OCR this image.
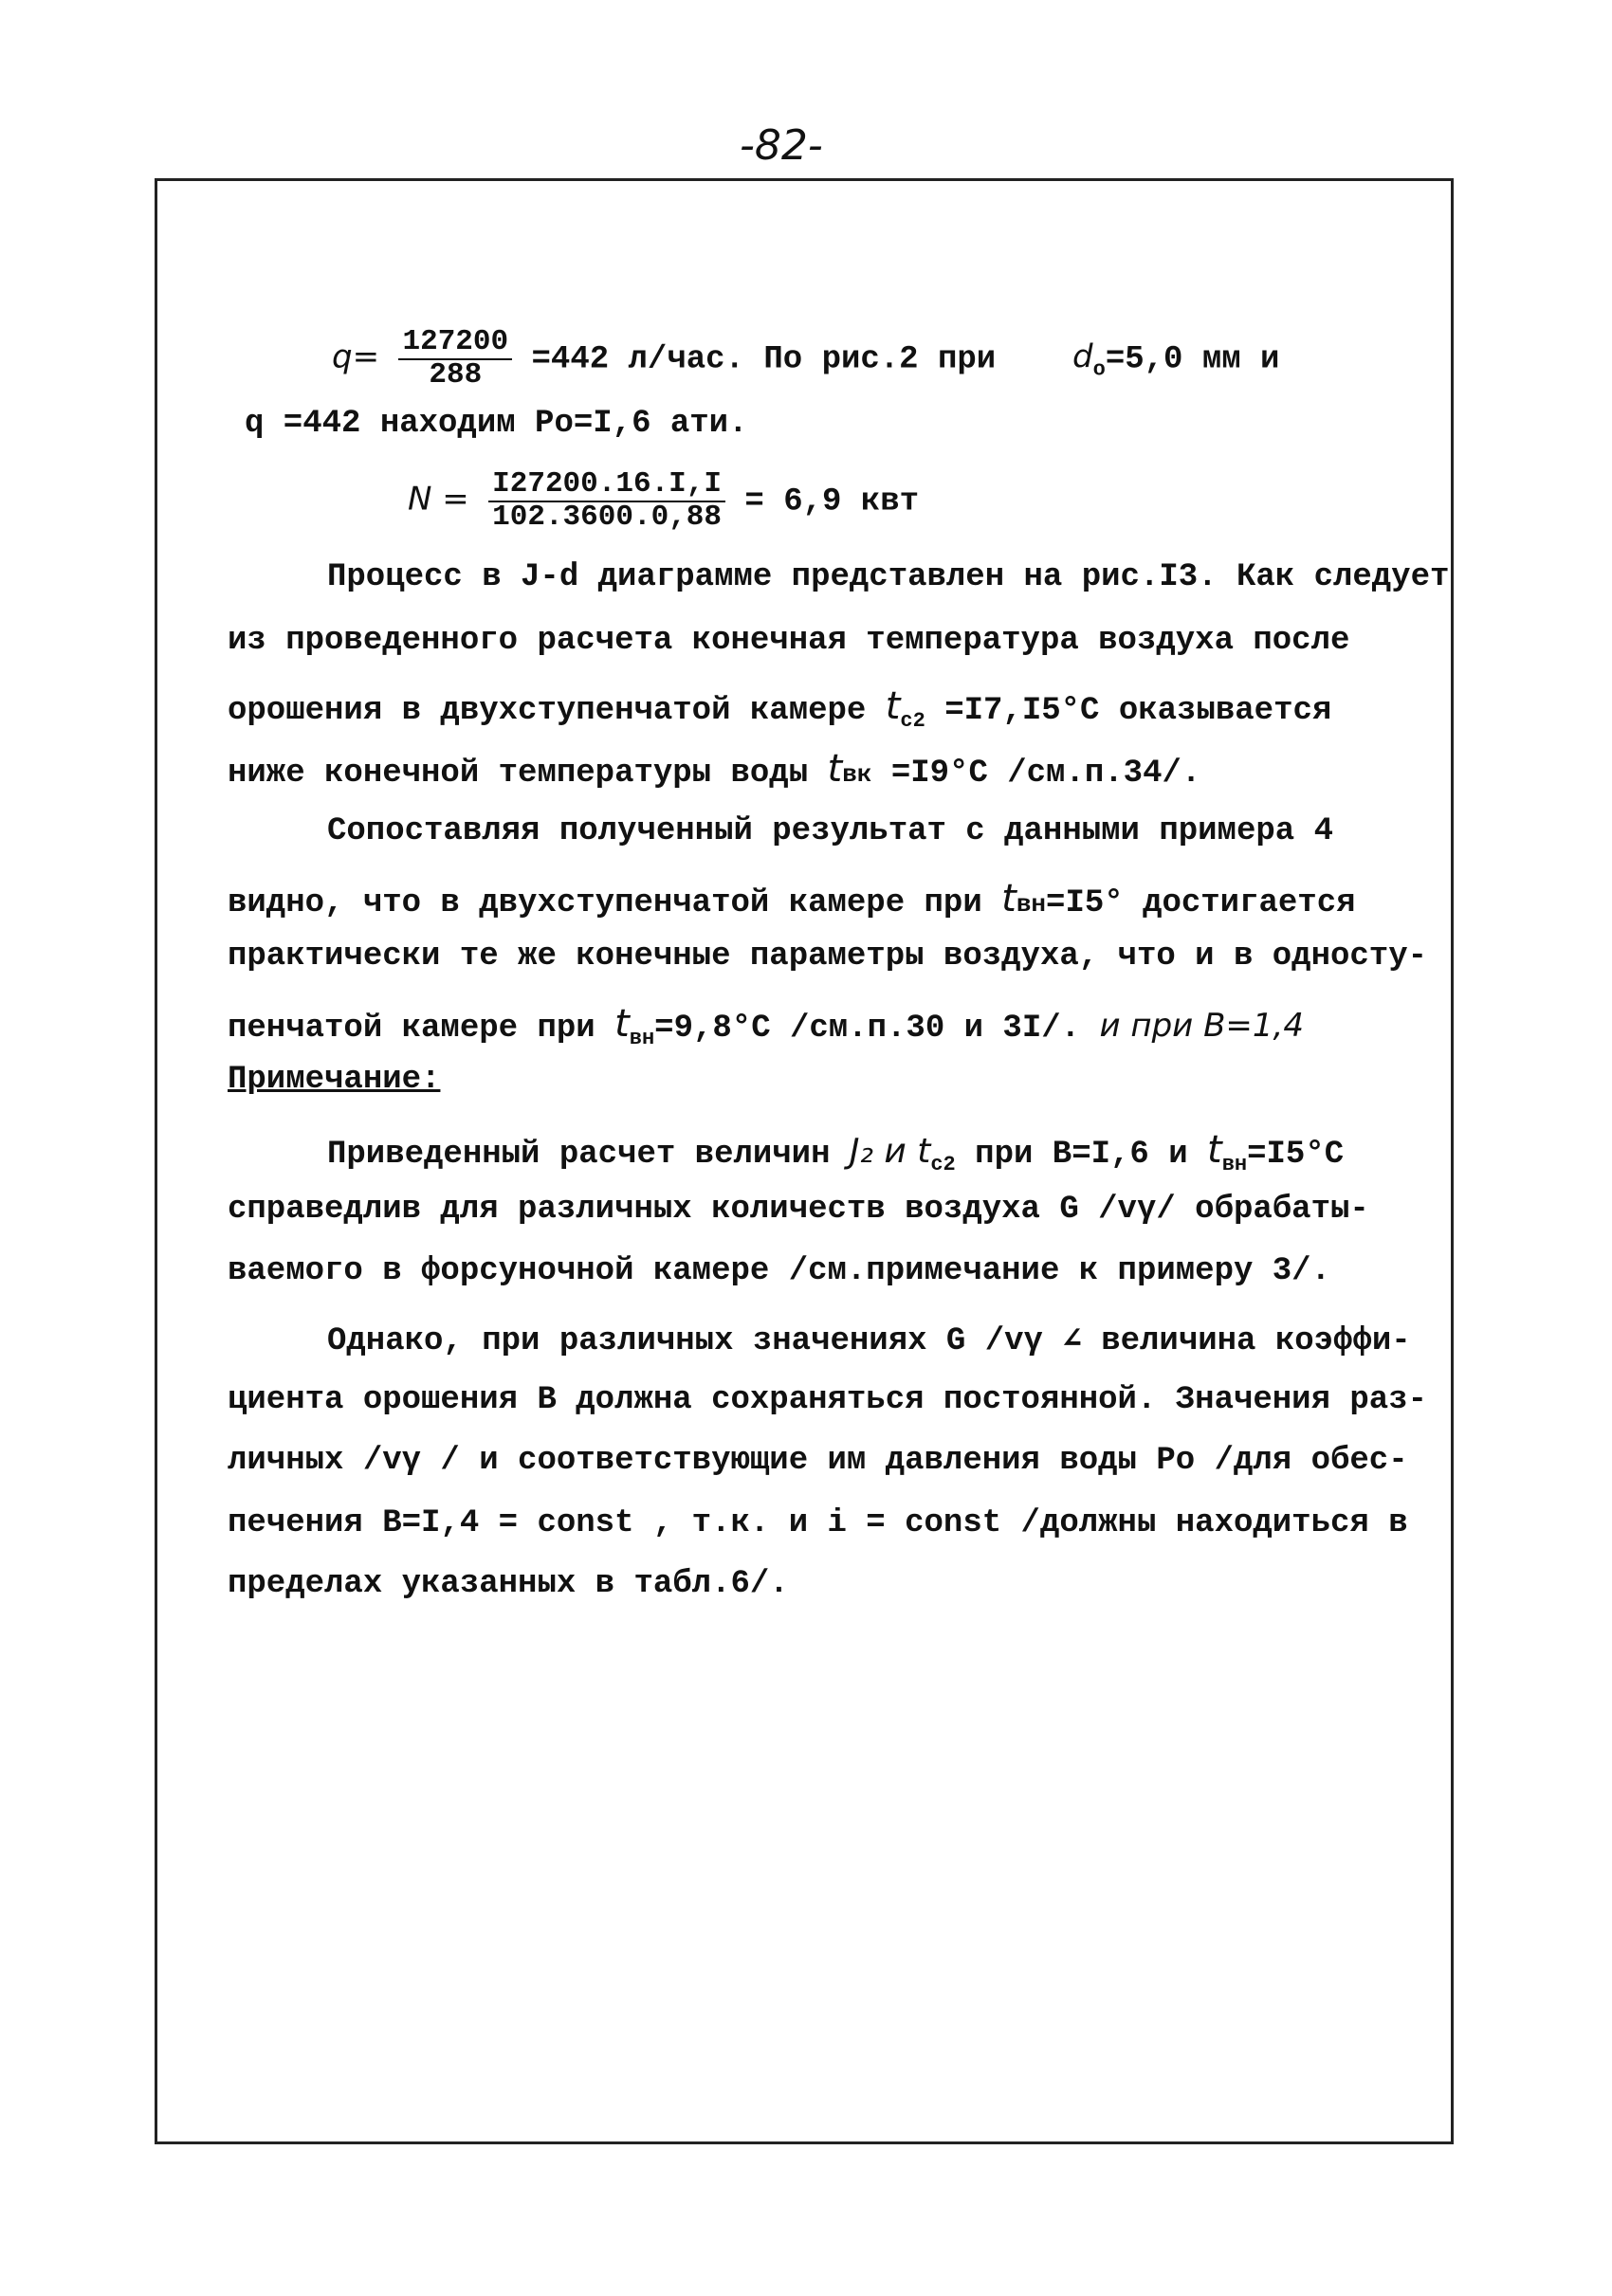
-82-
$q= \frac{127200}{288} =442$ л/час. По рис.2 при $d_o=5,0$ мм и
q =442 находим Po=I,6 ати.
$N = \frac{I27200.16.I,I}{102.3600.0,88} = 6,9$ квт
Процесс в J-d диаграмме представлен на рис.I3. Как следует
из проведенного расчета конечная температура воздуха после
орошения в двухступенчатой камере $t_{c2} =I7,I5^\circ C$ оказывается
ниже конечной температуры воды tвк =I9°C /см.п.34/.
Сопоставляя полученный результат с данными примера 4
видно, что в двухступенчатой камере при tвн=I5° достигается
практически те же конечные параметры воздуха, что и в односту-
пенчатой камере при $t_{вн}=9,8^\circ C$ /см.п.30 и 3I/. и при В=1,4
Примечание:
Приведенный расчет величин J₂ и $t_{c2}$ при В=I,6 и $t_{вн}=I5^\circ C$
справедлив для различных количеств воздуха G /vγ/ обрабаты-
ваемого в форсуночной камере /см.примечание к примеру 3/.
Однако, при различных значениях G /vγ ∠ величина коэффи-
циента орошения В должна сохраняться постоянной. Значения раз-
личных /vγ / и соответствующие им давления воды Ро /для обес-
печения В=I,4 = const , т.к. и i = const /должны находиться в
пределах указанных в табл.6/.
